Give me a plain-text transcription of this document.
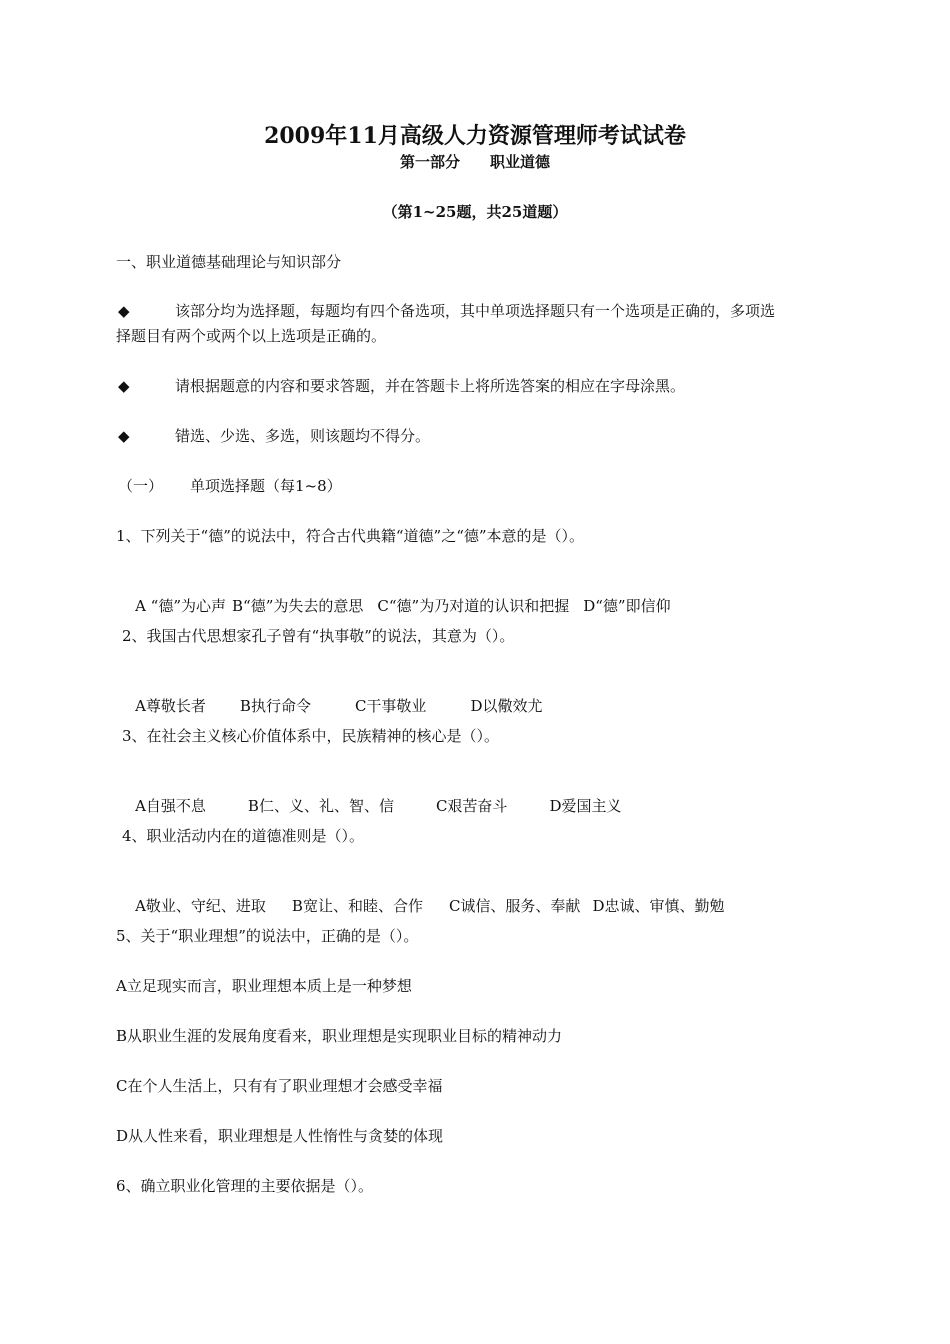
2009年11月高级人力资源管理师考试试卷
第一部分 职业道德
（第1~25题，共25道题）
一、职业道德基础理论与知识部分
◆	该部分均为选择题，每题均有四个备选项，其中单项选择题只有一个选项是正确的，多项选
择题目有两个或两个以上选项是正确的。
◆	请根据题意的内容和要求答题，并在答题卡上将所选答案的相应在字母涂黑。
◆	错选、少选、多选，则该题均不得分。
（一） 单项选择题（每1~8）
1、下列关于“德”的说法中，符合古代典籍“道德”之“德”本意的是（）。

A “德”为心声 B“德”为失去的意思 C“德”为乃对道的认识和把握 D“德”即信仰

2、我国古代思想家孔子曾有“执事敬”的说法，其意为（）。

A尊敬长者 B执行命令	C干事敬业	D以儆效尤

3、在社会主义核心价值体系中，民族精神的核心是（）。

A自强不息	B仁、义、礼、智、信	C艰苦奋斗	D爱国主义

4、职业活动内在的道德准则是（）。

A敬业、守纪、进取 B宽让、和睦、合作 C诚信、服务、奉献 D忠诚、审慎、勤勉

5、关于“职业理想”的说法中，正确的是（）。
A立足现实而言，职业理想本质上是一种梦想
B从职业生涯的发展角度看来，职业理想是实现职业目标的精神动力
C在个人生活上，只有有了职业理想才会感受幸福
D从人性来看，职业理想是人性惰性与贪婪的体现
6、确立职业化管理的主要依据是（）。
